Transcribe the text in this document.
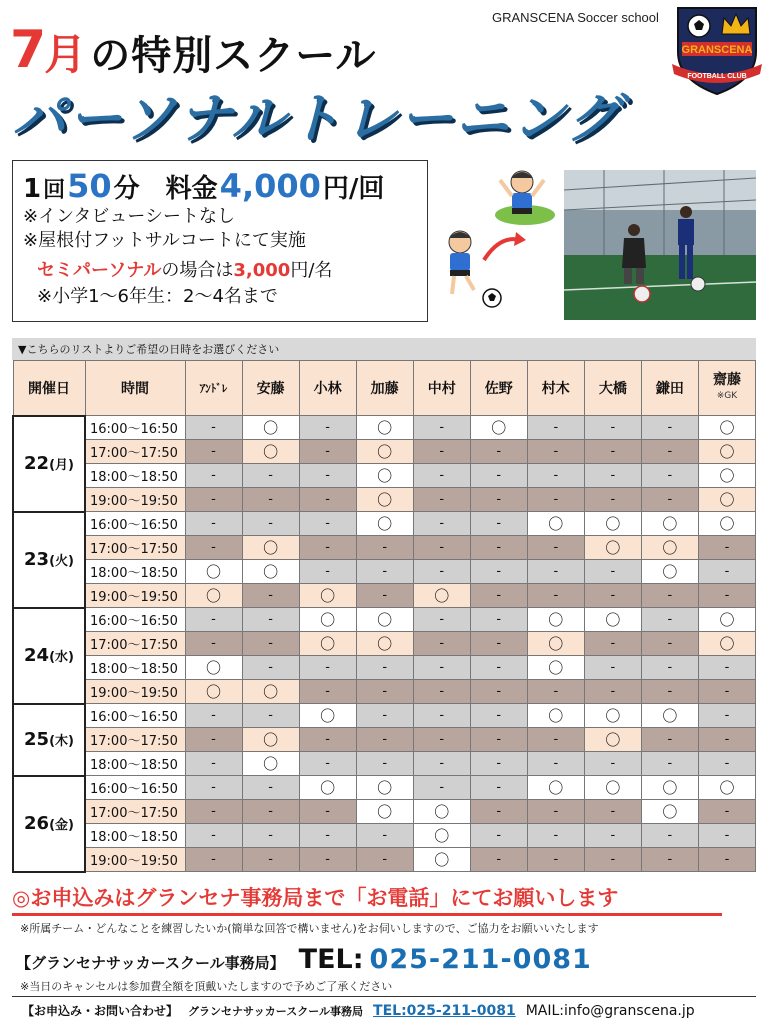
7 月 の特別スクール
GRANSCENA Soccer school
GRANSCENA
FOOTBALL CLUB
パーソナルトレーニング
1 回 50 分 料金 4,000 円/回
※インタビューシートなし
※屋根付フットサルコートにて実施
セミパーソナルの場合は3,000円/名
※小学1～6年生：2～4名まで
▼こちらのリストよりご希望の日時をお選びください
開催日	時間	ｱﾝﾄﾞﾚ	安藤	小林	加藤	中村	佐野	村木	大橋	鎌田	齋藤
※GK

22(月)	16:00～16:50	-	〇	-	〇	-	〇	-	-	-	〇
	17:00～17:50	-	〇	-	〇	-	-	-	-	-	〇
	18:00～18:50	-	-	-	〇	-	-	-	-	-	〇
	19:00～19:50	-	-	-	〇	-	-	-	-	-	〇
23(火)	16:00～16:50	-	-	-	〇	-	-	〇	〇	〇	〇
	17:00～17:50	-	〇	-	-	-	-	-	〇	〇	-
	18:00～18:50	〇	〇	-	-	-	-	-	-	〇	-
	19:00～19:50	〇	-	〇	-	〇	-	-	-	-	-
24(水)	16:00～16:50	-	-	〇	〇	-	-	〇	〇	-	〇
	17:00～17:50	-	-	〇	〇	-	-	〇	-	-	〇
	18:00～18:50	〇	-	-	-	-	-	〇	-	-	-
	19:00～19:50	〇	〇	-	-	-	-	-	-	-	-
25(木)	16:00～16:50	-	-	〇	-	-	-	〇	〇	〇	-
	17:00～17:50	-	〇	-	-	-	-	-	〇	-	-
	18:00～18:50	-	〇	-	-	-	-	-	-	-	-
26(金)	16:00～16:50	-	-	〇	〇	-	-	〇	〇	〇	〇
	17:00～17:50	-	-	-	〇	〇	-	-	-	〇	-
	18:00～18:50	-	-	-	-	〇	-	-	-	-	-
	19:00～19:50	-	-	-	-	〇	-	-	-	-	-
◎お申込みはグランセナ事務局まで「お電話」にてお願いします
※所属チーム・どんなことを練習したいか(簡単な回答で構いません)をお伺いしますので、ご協力をお願いいたします
【グランセナサッカースクール事務局】 TEL: 025-211-0081
※当日のキャンセルは参加費全額を頂戴いたしますので予めご了承ください
【お申込み・お問い合わせ】 グランセナサッカースクール事務局 TEL:025-211-0081 MAIL:info@granscena.jp
